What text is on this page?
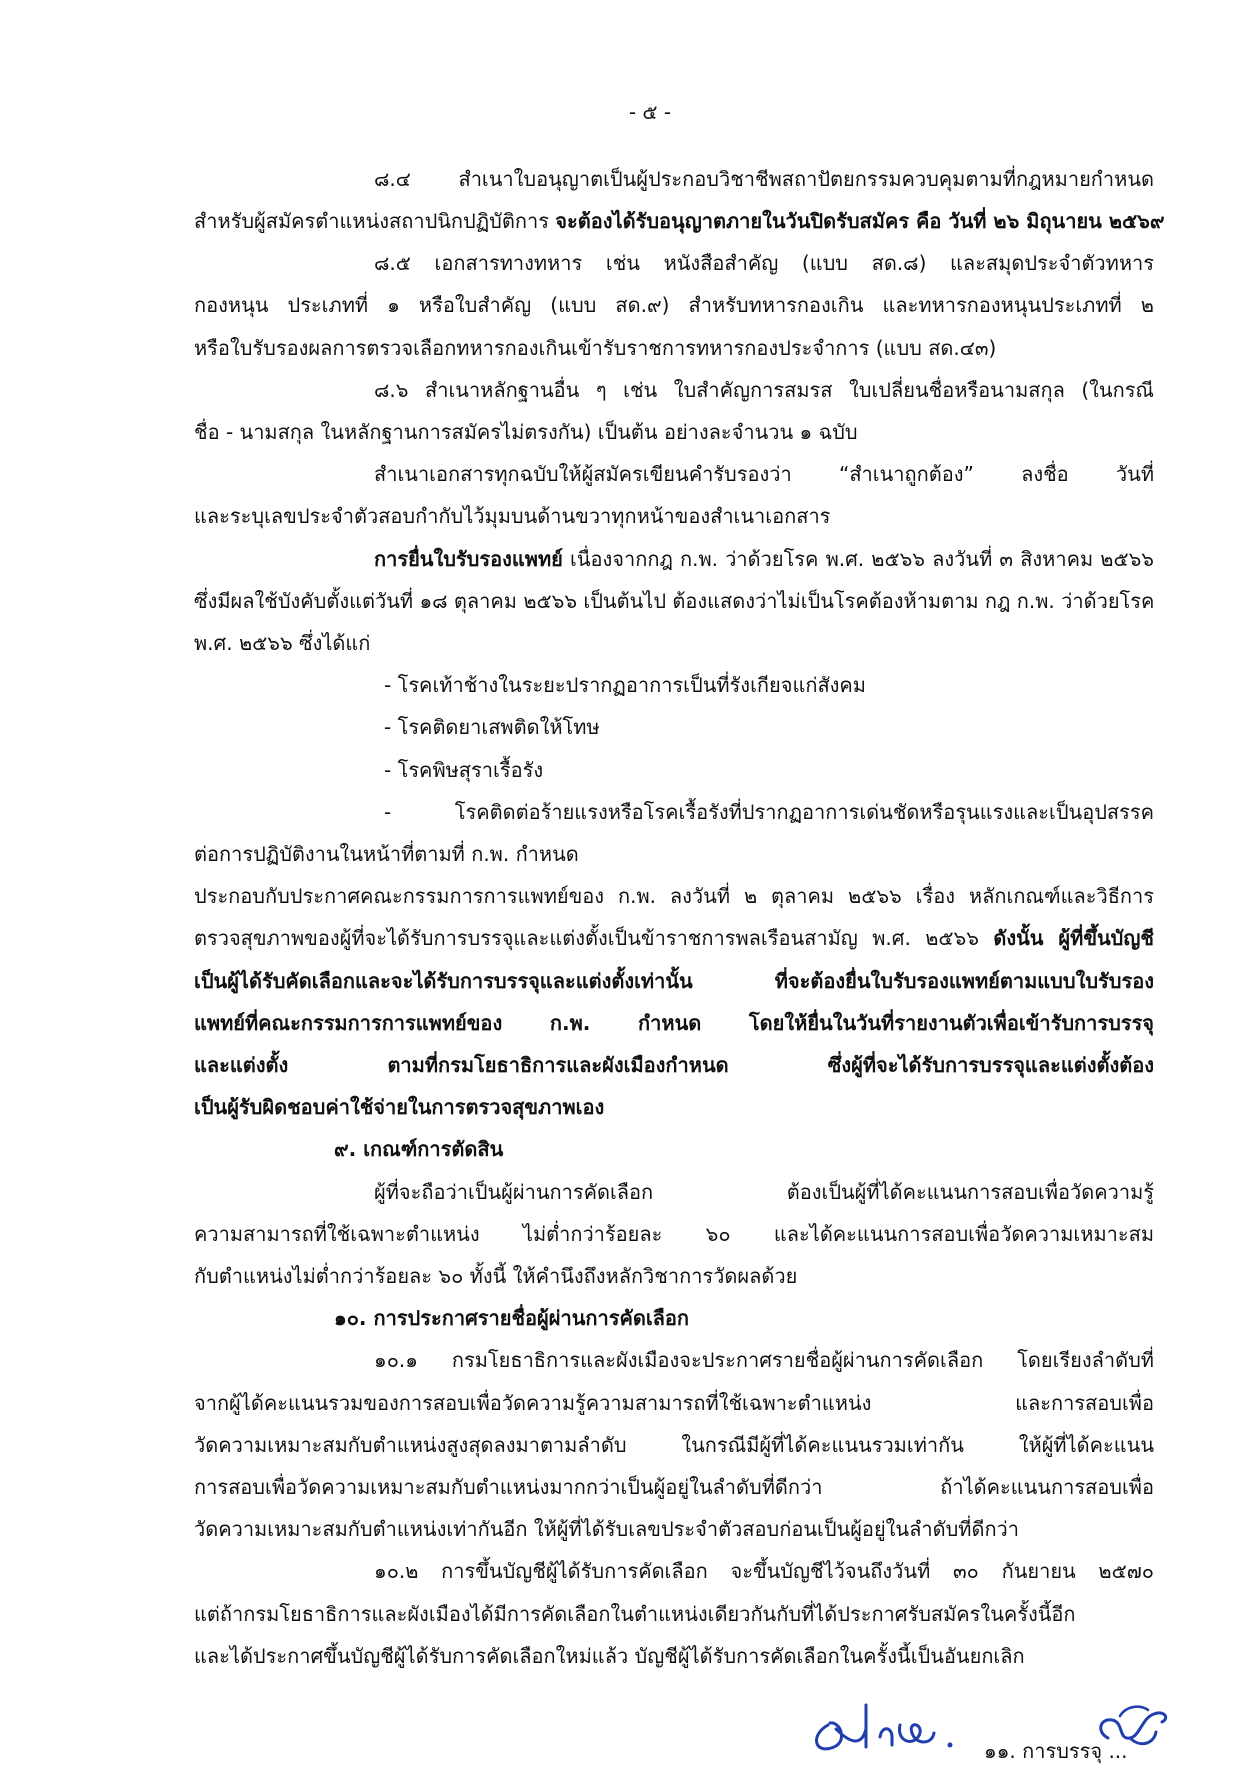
- ๕ -
๘.๔ สำเนาใบอนุญาตเป็นผู้ประกอบวิชาชีพสถาปัตยกรรมควบคุมตามที่กฎหมายกำหนด
สำหรับผู้สมัครตำแหน่งสถาปนิกปฏิบัติการ จะต้องได้รับอนุญาตภายในวันปิดรับสมัคร คือ วันที่ ๒๖ มิถุนายน ๒๕๖๙
๘.๕ เอกสารทางทหาร เช่น หนังสือสำคัญ (แบบ สด.๘) และสมุดประจำตัวทหาร
กองหนุน ประเภทที่ ๑ หรือใบสำคัญ (แบบ สด.๙) สำหรับทหารกองเกิน และทหารกองหนุนประเภทที่ ๒
หรือใบรับรองผลการตรวจเลือกทหารกองเกินเข้ารับราชการทหารกองประจำการ (แบบ สด.๔๓)
๘.๖ สำเนาหลักฐานอื่น ๆ เช่น ใบสำคัญการสมรส ใบเปลี่ยนชื่อหรือนามสกุล (ในกรณี
ชื่อ - นามสกุล ในหลักฐานการสมัครไม่ตรงกัน) เป็นต้น อย่างละจำนวน ๑ ฉบับ
สำเนาเอกสารทุกฉบับให้ผู้สมัครเขียนคำรับรองว่า “สำเนาถูกต้อง” ลงชื่อ วันที่
และระบุเลขประจำตัวสอบกำกับไว้มุมบนด้านขวาทุกหน้าของสำเนาเอกสาร
การยื่นใบรับรองแพทย์ เนื่องจากกฎ ก.พ. ว่าด้วยโรค พ.ศ. ๒๕๖๖ ลงวันที่ ๓ สิงหาคม ๒๕๖๖
ซึ่งมีผลใช้บังคับตั้งแต่วันที่ ๑๘ ตุลาคม ๒๕๖๖ เป็นต้นไป ต้องแสดงว่าไม่เป็นโรคต้องห้ามตาม กฎ ก.พ. ว่าด้วยโรค
พ.ศ. ๒๕๖๖ ซึ่งได้แก่
- โรคเท้าช้างในระยะปรากฏอาการเป็นที่รังเกียจแก่สังคม
- โรคติดยาเสพติดให้โทษ
- โรคพิษสุราเรื้อรัง
- โรคติดต่อร้ายแรงหรือโรคเรื้อรังที่ปรากฏอาการเด่นชัดหรือรุนแรงและเป็นอุปสรรค
ต่อการปฏิบัติงานในหน้าที่ตามที่ ก.พ. กำหนด
ประกอบกับประกาศคณะกรรมการการแพทย์ของ ก.พ. ลงวันที่ ๒ ตุลาคม ๒๕๖๖ เรื่อง หลักเกณฑ์และวิธีการ
ตรวจสุขภาพของผู้ที่จะได้รับการบรรจุและแต่งตั้งเป็นข้าราชการพลเรือนสามัญ พ.ศ. ๒๕๖๖ ดังนั้น ผู้ที่ขึ้นบัญชี
เป็นผู้ได้รับคัดเลือกและจะได้รับการบรรจุและแต่งตั้งเท่านั้น ที่จะต้องยื่นใบรับรองแพทย์ตามแบบใบรับรอง
แพทย์ที่คณะกรรมการการแพทย์ของ ก.พ. กำหนด โดยให้ยื่นในวันที่รายงานตัวเพื่อเข้ารับการบรรจุ
และแต่งตั้ง ตามที่กรมโยธาธิการและผังเมืองกำหนด ซึ่งผู้ที่จะได้รับการบรรจุและแต่งตั้งต้อง
เป็นผู้รับผิดชอบค่าใช้จ่ายในการตรวจสุขภาพเอง
๙. เกณฑ์การตัดสิน
ผู้ที่จะถือว่าเป็นผู้ผ่านการคัดเลือก ต้องเป็นผู้ที่ได้คะแนนการสอบเพื่อวัดความรู้
ความสามารถที่ใช้เฉพาะตำแหน่ง ไม่ต่ำกว่าร้อยละ ๖๐ และได้คะแนนการสอบเพื่อวัดความเหมาะสม
กับตำแหน่งไม่ต่ำกว่าร้อยละ ๖๐ ทั้งนี้ ให้คำนึงถึงหลักวิชาการวัดผลด้วย
๑๐. การประกาศรายชื่อผู้ผ่านการคัดเลือก
๑๐.๑ กรมโยธาธิการและผังเมืองจะประกาศรายชื่อผู้ผ่านการคัดเลือก โดยเรียงลำดับที่
จากผู้ได้คะแนนรวมของการสอบเพื่อวัดความรู้ความสามารถที่ใช้เฉพาะตำแหน่ง และการสอบเพื่อ
วัดความเหมาะสมกับตำแหน่งสูงสุดลงมาตามลำดับ ในกรณีมีผู้ที่ได้คะแนนรวมเท่ากัน ให้ผู้ที่ได้คะแนน
การสอบเพื่อวัดความเหมาะสมกับตำแหน่งมากกว่าเป็นผู้อยู่ในลำดับที่ดีกว่า ถ้าได้คะแนนการสอบเพื่อ
วัดความเหมาะสมกับตำแหน่งเท่ากันอีก ให้ผู้ที่ได้รับเลขประจำตัวสอบก่อนเป็นผู้อยู่ในลำดับที่ดีกว่า
๑๐.๒ การขึ้นบัญชีผู้ได้รับการคัดเลือก จะขึ้นบัญชีไว้จนถึงวันที่ ๓๐ กันยายน ๒๕๗๐
แต่ถ้ากรมโยธาธิการและผังเมืองได้มีการคัดเลือกในตำแหน่งเดียวกันกับที่ได้ประกาศรับสมัครในครั้งนี้อีก
และได้ประกาศขึ้นบัญชีผู้ได้รับการคัดเลือกใหม่แล้ว บัญชีผู้ได้รับการคัดเลือกในครั้งนี้เป็นอันยกเลิก
๑๑. การบรรจุ ...
